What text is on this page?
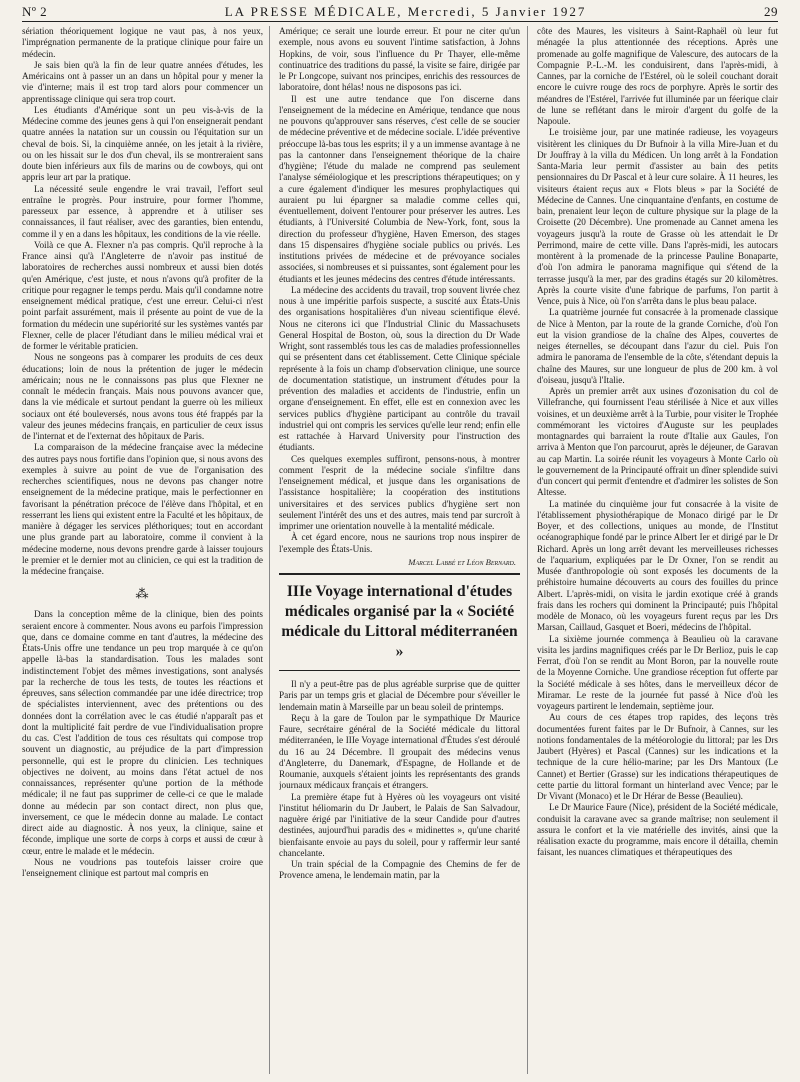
Nº 2	LA PRESSE MÉDICALE, Mercredi, 5 Janvier 1927	29

sériation théoriquement logique ne vaut pas, à nos yeux, l'imprégnation permanente de la pratique clinique pour faire un médecin.

Je sais bien qu'à la fin de leur quatre années d'études, les Américains ont à passer un an dans un hôpital pour y mener la vie d'interne; mais il est trop tard alors pour commencer un apprentissage clinique qui sera trop court.

Les étudiants d'Amérique sont un peu vis-à-vis de la Médecine comme des jeunes gens à qui l'on enseignerait pendant quatre années la natation sur un coussin ou l'équitation sur un cheval de bois. Si, la cinquième année, on les jetait à la rivière, ou on les hissait sur le dos d'un cheval, ils se montreraient sans doute bien inférieurs aux fils de marins ou de cowboys, qui ont appris leur art par la pratique.

La nécessité seule engendre le vrai travail, l'effort seul entraîne le progrès. Pour instruire, pour former l'homme, paresseux par essence, à apprendre et à utiliser ses connaissances, il faut réaliser, avec des garanties, bien entendu, comme il y en a dans les hôpitaux, les conditions de la vie réelle.

Voilà ce que A. Flexner n'a pas compris. Qu'il reproche à la France ainsi qu'à l'Angleterre de n'avoir pas institué de laboratoires de recherches aussi nombreux et aussi bien dotés qu'en Amérique, c'est juste, et nous n'avons qu'à profiter de la critique pour regagner le temps perdu. Mais qu'il condamne notre enseignement médical pratique, c'est une erreur. Celui-ci n'est point parfait assurément, mais il présente au point de vue de la formation du médecin une supériorité sur les systèmes vantés par Flexner, celle de placer l'étudiant dans le milieu médical vrai et de former le véritable praticien.

Nous ne songeons pas à comparer les produits de ces deux éducations; loin de nous la prétention de juger le médecin américain; nous ne le connaissons pas plus que Flexner ne connaît le médecin français. Mais nous pouvons avancer que, dans la vie médicale et surtout pendant la guerre où les milieux sociaux ont été bouleversés, nous avons tous été frappés par la valeur des jeunes médecins français, en particulier de ceux issus de l'internat et de l'externat des hôpitaux de Paris.

La comparaison de la médecine française avec la médecine des autres pays nous fortifie dans l'opinion que, si nous avons des exemples à suivre au point de vue de l'organisation des recherches scientifiques, nous ne devons pas changer notre enseignement de la médecine pratique, mais le perfectionner en favorisant la pénétration précoce de l'élève dans l'hôpital, et en resserrant les liens qui existent entre la Faculté et les hôpitaux, de manière à dégager les services pléthoriques; tout en accordant une plus grande part au laboratoire, comme il convient à la médecine moderne, nous devons prendre garde à laisser toujours le premier et le dernier mot au clinicien, ce qui est la tradition de la médecine française.

⁂

Dans la conception même de la clinique, bien des points seraient encore à commenter. Nous avons eu parfois l'impression que, dans ce domaine comme en tant d'autres, la médecine des États-Unis offre une tendance un peu trop marquée à ce qu'on appelle là-bas la standardisation. Tous les malades sont indistinctement l'objet des mêmes investigations, sont analysés par la recherche de tous les tests, de toutes les réactions et épreuves, sans sélection commandée par une idée directrice; trop de spécialistes interviennent, avec des prétentions ou des données dont la corrélation avec le cas étudié n'apparaît pas et dont la multiplicité fait perdre de vue l'individualisation propre du cas. C'est l'addition de tous ces résultats qui compose trop souvent un diagnostic, au préjudice de la part d'impression personnelle, qui est le propre du clinicien. Les techniques objectives ne doivent, au moins dans l'état actuel de nos connaissances, représenter qu'une portion de la méthode médicale; il ne faut pas supprimer de celle-ci ce que le malade donne au médecin par son contact direct, non plus que, inversement, ce que le médecin donne au malade. Le contact direct aide au diagnostic. À nos yeux, la clinique, saine et féconde, implique une sorte de corps à corps et aussi de cœur à cœur, entre le malade et le médecin.

Nous ne voudrions pas toutefois laisser croire que l'enseignement clinique est partout mal compris en

Amérique; ce serait une lourde erreur. Et pour ne citer qu'un exemple, nous avons eu souvent l'intime satisfaction, à Johns Hopkins, de voir, sous l'influence du Pr Thayer, elle-même continuatrice des traditions du passé, la visite se faire, dirigée par le Pr Longcope, suivant nos principes, enrichis des ressources de laboratoire, dont hélas! nous ne disposons pas ici.

Il est une autre tendance que l'on discerne dans l'enseignement de la médecine en Amérique, tendance que nous ne pouvons qu'approuver sans réserves, c'est celle de se soucier de médecine préventive et de médecine sociale. L'idée préventive préoccupe là-bas tous les esprits; il y a un immense avantage à ne pas la cantonner dans l'enseignement théorique de la chaire d'hygiène; l'étude du malade ne comprend pas seulement l'analyse séméiologique et les prescriptions thérapeutiques; on y a cure également d'indiquer les mesures prophylactiques qui auraient pu lui épargner sa maladie comme celles qui, éventuellement, doivent l'entourer pour préserver les autres. Les étudiants, à l'Université Columbia de New-York, font, sous la direction du professeur d'hygiène, Haven Emerson, des stages dans 15 dispensaires d'hygiène sociale publics ou privés. Les institutions privées de médecine et de prévoyance sociales associées, si nombreuses et si puissantes, sont également pour les étudiants et les jeunes médecins des centres d'étude intéressants.

La médecine des accidents du travail, trop souvent livrée chez nous à une impéritie parfois suspecte, a suscité aux États-Unis des organisations hospitalières d'un niveau scientifique élevé. Nous ne citerons ici que l'Industrial Clinic du Massachusets General Hospital de Boston, où, sous la direction du Dr Wade Wright, sont rassemblés tous les cas de maladies professionnelles qui se présentent dans cet établissement. Cette Clinique spéciale représente à la fois un champ d'observation clinique, une source de documentation statistique, un instrument d'études pour la prévention des maladies et accidents de l'industrie, enfin un organe d'enseignement. En effet, elle est en connexion avec les services publics d'hygiène participant au contrôle du travail industriel qui ont compris les services qu'elle leur rend; enfin elle est rattachée à Harvard University pour l'instruction des étudiants.

Ces quelques exemples suffiront, pensons-nous, à montrer comment l'esprit de la médecine sociale s'infiltre dans l'enseignement médical, et jusque dans les organisations de l'assistance hospitalière; la coopération des institutions universitaires et des services publics d'hygiène sert non seulement l'intérêt des uns et des autres, mais tend par surcroît à imprimer une orientation nouvelle à la mentalité médicale.

À cet égard encore, nous ne saurions trop nous inspirer de l'exemple des États-Unis.

Marcel Labbé et Léon Bernard.
IIIe Voyage international d'études médicales organisé par la « Société médicale du Littoral méditerranéen »

Il n'y a peut-être pas de plus agréable surprise que de quitter Paris par un temps gris et glacial de Décembre pour s'éveiller le lendemain matin à Marseille par un beau soleil de printemps.

Reçu à la gare de Toulon par le sympathique Dr Maurice Faure, secrétaire général de la Société médicale du littoral méditerranéen, le IIIe Voyage international d'Études s'est déroulé du 16 au 24 Décembre. Il groupait des médecins venus d'Angleterre, du Danemark, d'Espagne, de Hollande et de Roumanie, auxquels s'étaient joints les représentants des grands journaux médicaux français et étrangers.

La première étape fut à Hyères où les voyageurs ont visité l'institut héliomarin du Dr Jaubert, le Palais de San Salvadour, naguère érigé par l'initiative de la sœur Candide pour d'autres destinées, aujourd'hui paradis des « midinettes », qu'une charité bienfaisante envoie au pays du soleil, pour y raffermir leur santé chancelante.

Un train spécial de la Compagnie des Chemins de fer de Provence amena, le lendemain matin, par la

côte des Maures, les visiteurs à Saint-Raphaël où leur fut ménagée la plus attentionnée des réceptions. Après une promenade au golfe magnifique de Valescure, des autocars de la Compagnie P.-L.-M. les conduisirent, dans l'après-midi, à Cannes, par la corniche de l'Estérel, où le soleil couchant dorait encore le cuivre rouge des rocs de porphyre. Après le sortir des méandres de l'Estérel, l'arrivée fut illuminée par un féerique clair de lune se reflétant dans le miroir d'argent du golfe de la Napoule.

Le troisième jour, par une matinée radieuse, les voyageurs visitèrent les cliniques du Dr Bufnoir à la villa Mire-Juan et du Dr Jouffray à la villa du Médicen. Un long arrêt à la Fondation Santa-Maria leur permit d'assister au bain des petits pensionnaires du Dr Pascal et à leur cure solaire. À 11 heures, les visiteurs étaient reçus aux « Flots bleus » par la Société de Médecine de Cannes. Une cinquantaine d'enfants, en costume de bain, prenaient leur leçon de culture physique sur la plage de la Croisette (20 Décembre). Une promenade au Cannet amena les voyageurs jusqu'à la route de Grasse où les attendait le Dr Perrimond, maire de cette ville. Dans l'après-midi, les autocars montèrent à la promenade de la princesse Pauline Bonaparte, d'où l'on admira le panorama magnifique qui s'étend de la terrasse jusqu'à la mer, par des gradins étagés sur 20 kilomètres. Après la courte visite d'une fabrique de parfums, l'on partit à Vence, puis à Nice, où l'on s'arrêta dans le plus beau palace.

La quatrième journée fut consacrée à la promenade classique de Nice à Menton, par la route de la grande Corniche, d'où l'on eut la vision grandiose de la chaîne des Alpes, couvertes de neiges éternelles, se découpant dans l'azur du ciel. Puis l'on admira le panorama de l'ensemble de la côte, s'étendant depuis la chaîne des Maures, sur une longueur de plus de 200 km. à vol d'oiseau, jusqu'à l'Italie.

Après un premier arrêt aux usines d'ozonisation du col de Villefranche, qui fournissent l'eau stérilisée à Nice et aux villes voisines, et un deuxième arrêt à la Turbie, pour visiter le Trophée commémorant les victoires d'Auguste sur les peuplades montagnardes qui barraient la route d'Italie aux Gaules, l'on arriva à Menton que l'on parcourut, après le déjeuner, de Garavan au cap Martin. La soirée réunit les voyageurs à Monte Carlo où le gouvernement de la Principauté offrait un dîner splendide suivi d'un concert qui permit d'entendre et d'admirer les solistes de Son Altesse.

La matinée du cinquième jour fut consacrée à la visite de l'établissement physiothérapique de Monaco dirigé par le Dr Boyer, et des collections, uniques au monde, de l'Institut océanographique fondé par le prince Albert Ier et dirigé par le Dr Richard. Après un long arrêt devant les merveilleuses richesses de l'aquarium, expliquées par le Dr Oxner, l'on se rendit au Musée d'anthropologie où sont exposés les documents de la préhistoire humaine découverts au cours des fouilles du prince Albert. L'après-midi, on visita le jardin exotique créé à grands frais dans les rochers qui dominent la Principauté; puis l'hôpital modèle de Monaco, où les voyageurs furent reçus par les Drs Marsan, Caillaud, Gasquet et Boeri, médecins de l'hôpital.

La sixième journée commença à Beaulieu où la caravane visita les jardins magnifiques créés par le Dr Berlioz, puis le cap Ferrat, d'où l'on se rendit au Mont Boron, par la nouvelle route de la Moyenne Corniche. Une grandiose réception fut offerte par la Société médicale à ses hôtes, dans le merveilleux décor de Miramar. Le reste de la journée fut passé à Nice d'où les voyageurs partirent le lendemain, septième jour.

Au cours de ces étapes trop rapides, des leçons très documentées furent faites par le Dr Bufnoir, à Cannes, sur les notions fondamentales de la météorologie du littoral; par les Drs Jaubert (Hyères) et Pascal (Cannes) sur les indications et la technique de la cure hélio-marine; par les Drs Mantoux (Le Cannet) et Bertier (Grasse) sur les indications thérapeutiques de cette partie du littoral formant un hinterland avec Vence; par le Dr Vivant (Monaco) et le Dr Hérar de Besse (Beaulieu).

Le Dr Maurice Faure (Nice), président de la Société médicale, conduisit la caravane avec sa grande maîtrise; non seulement il assura le confort et la vie matérielle des invités, ainsi que la réalisation exacte du programme, mais encore il détailla, chemin faisant, les nuances climatiques et thérapeutiques des
